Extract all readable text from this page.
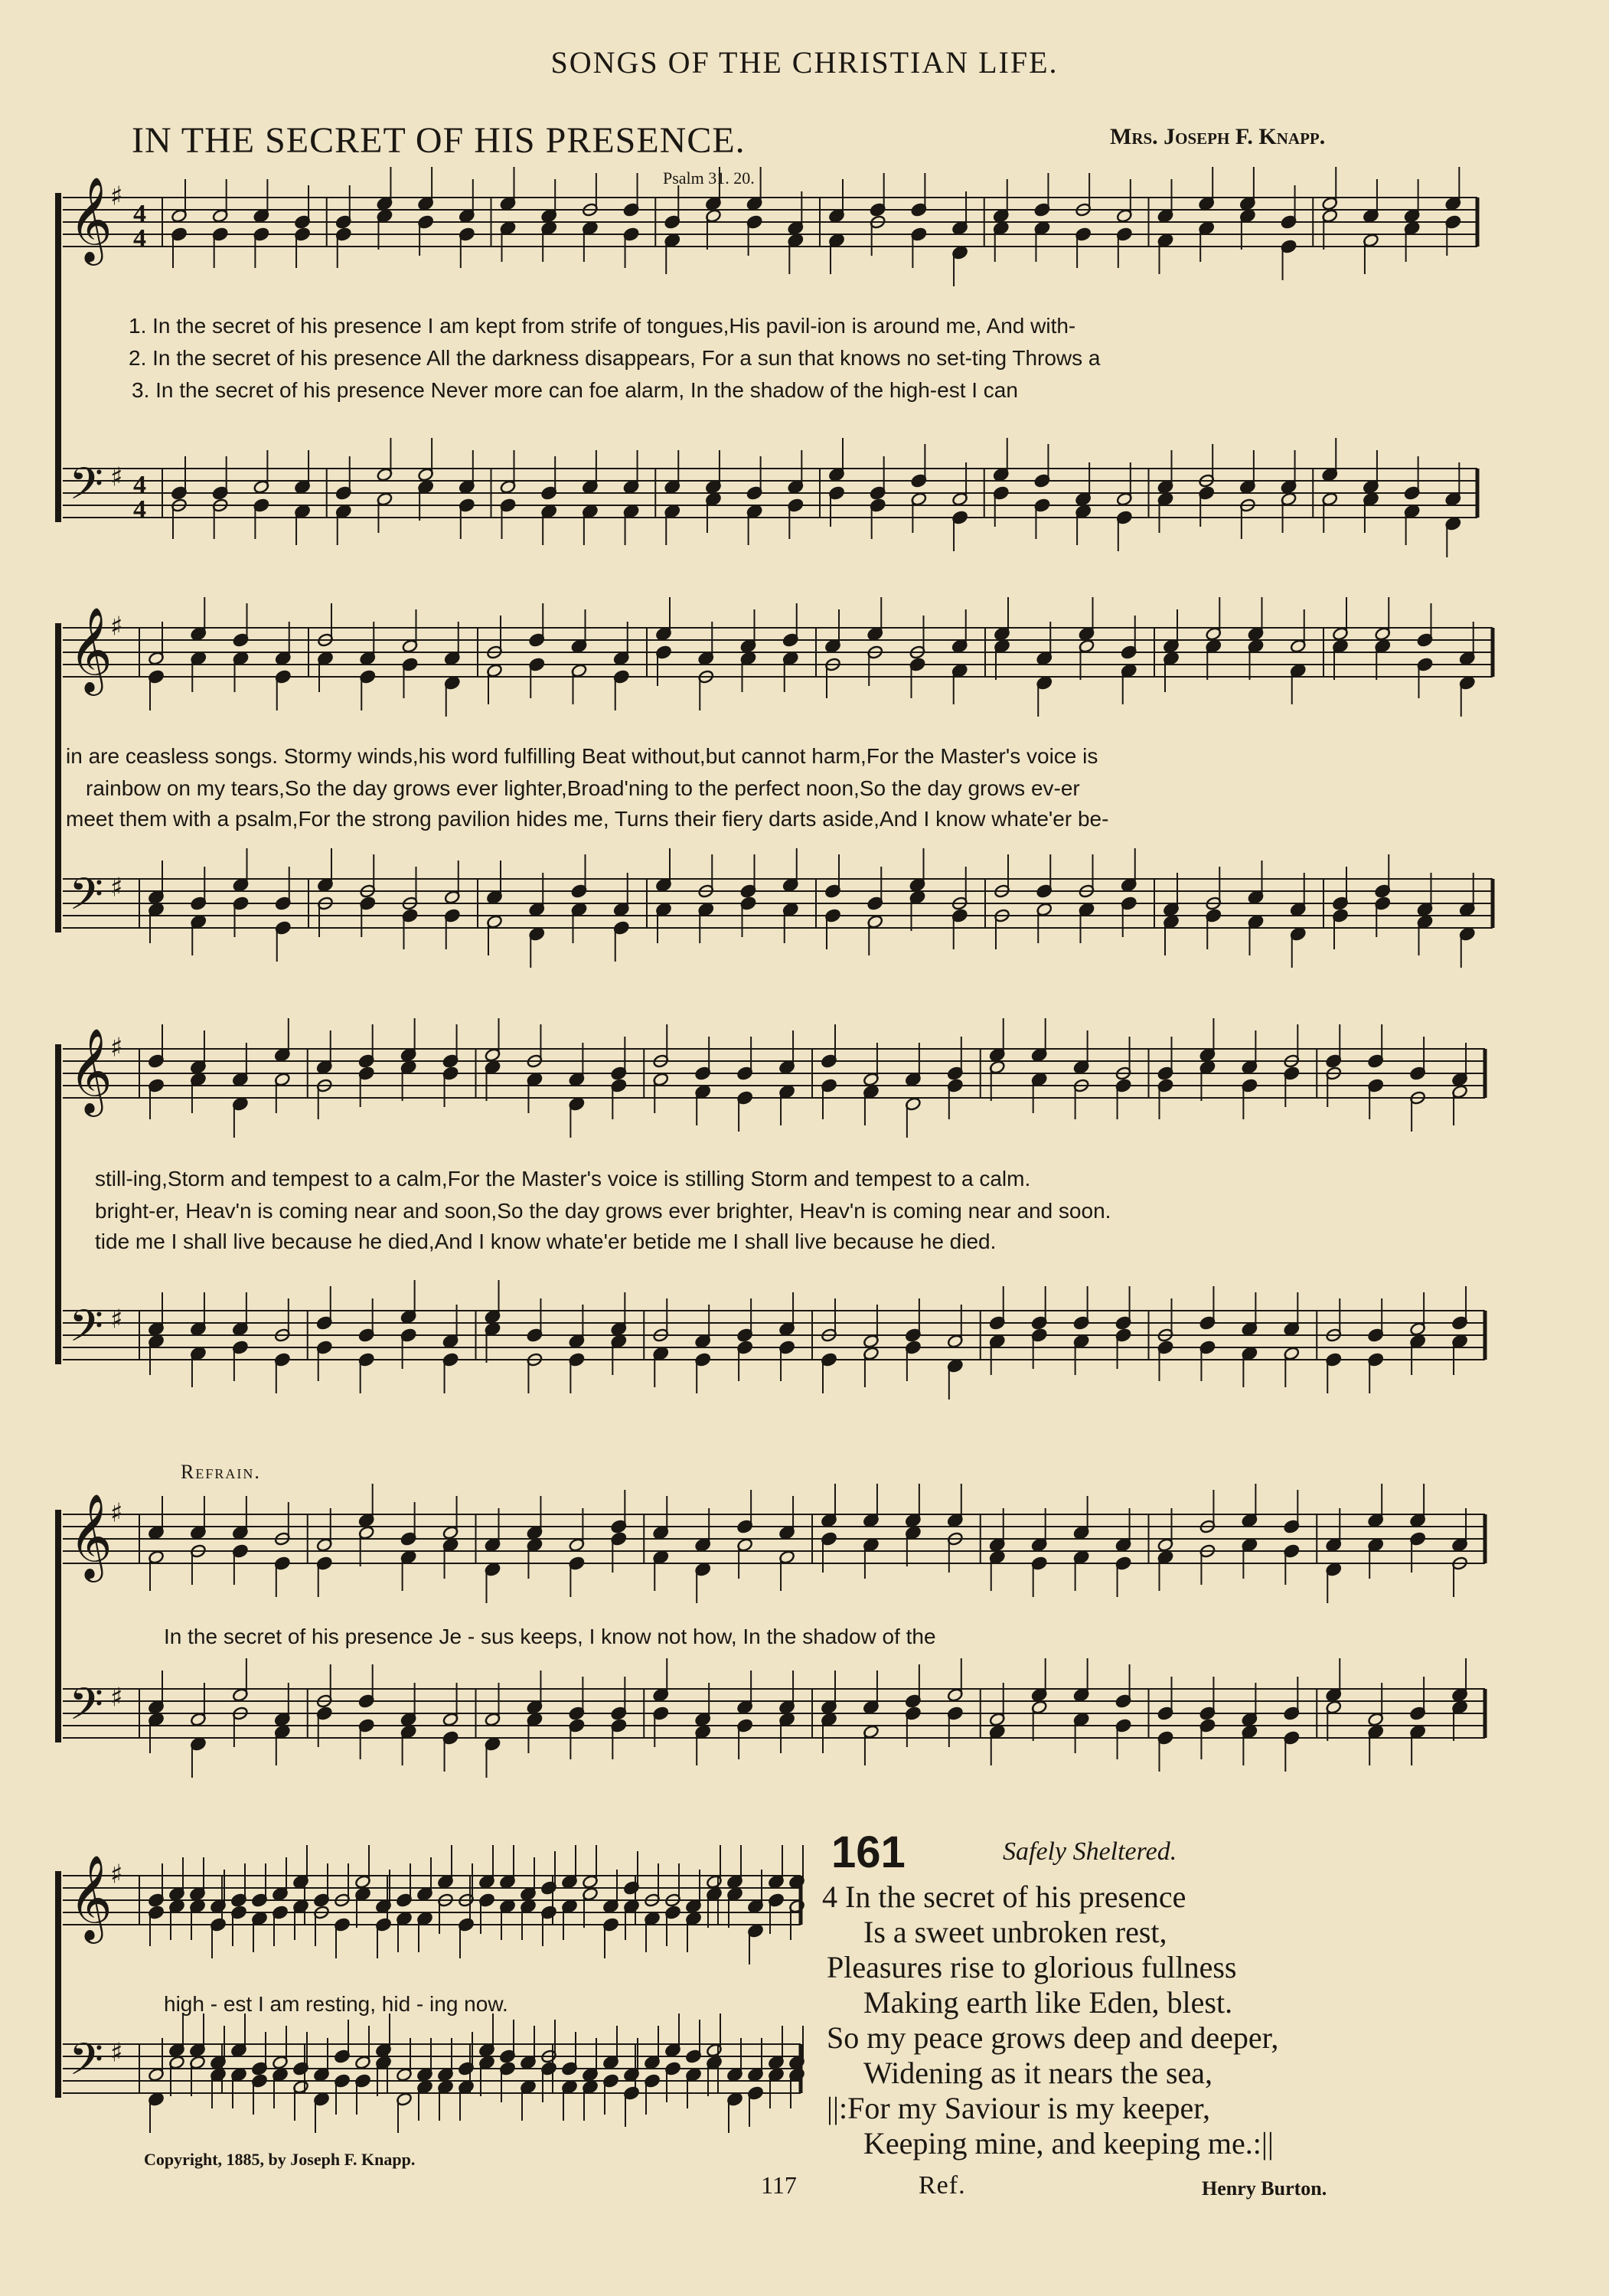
SONGS OF THE CHRISTIAN LIFE.
IN THE SECRET OF HIS PRESENCE.	Mrs. Joseph F. Knapp.
Psalm 31. 20.
𝄞
♯
4
4
𝄢 ♯ 4
4
𝄞
♯
𝄢 ♯
𝄞
♯
𝄢 ♯
𝄞
♯
𝄢 ♯
𝄞
♯
𝄢 ♯
1. In the secret of his presence I am kept from strife of tongues,His pavil-ion is around me, And with-
2. In the secret of his presence All the darkness disappears, For a sun that knows no set-ting Throws a
3. In the secret of his presence Never more can foe alarm, In the shadow of the high-est I can
in are ceasless songs. Stormy winds,his word fulfilling Beat without,but cannot harm,For the Master's voice is
rainbow on my tears,So the day grows ever lighter,Broad'ning to the perfect noon,So the day grows ev-er
meet them with a psalm,For the strong pavilion hides me, Turns their fiery darts aside,And I know whate'er be-
still-ing,Storm and tempest to a calm,For the Master's voice is stilling Storm and tempest to a calm.
bright-er, Heav'n is coming near and soon,So the day grows ever brighter, Heav'n is coming near and soon.
tide me I shall live because he died,And I know whate'er betide me I shall live because he died.
Refrain.
In the secret of his presence Je - sus keeps, I know not how, In the shadow of the
high - est I am resting, hid - ing now.
161	Safely Sheltered.
4 In the secret of his presence
Is a sweet unbroken rest,
Pleasures rise to glorious fullness
Making earth like Eden, blest.
So my peace grows deep and deeper,
Widening as it nears the sea,
||:For my Saviour is my keeper,
Keeping mine, and keeping me.:||
Copyright, 1885, by Joseph F. Knapp.
117	Ref.	Henry Burton.
